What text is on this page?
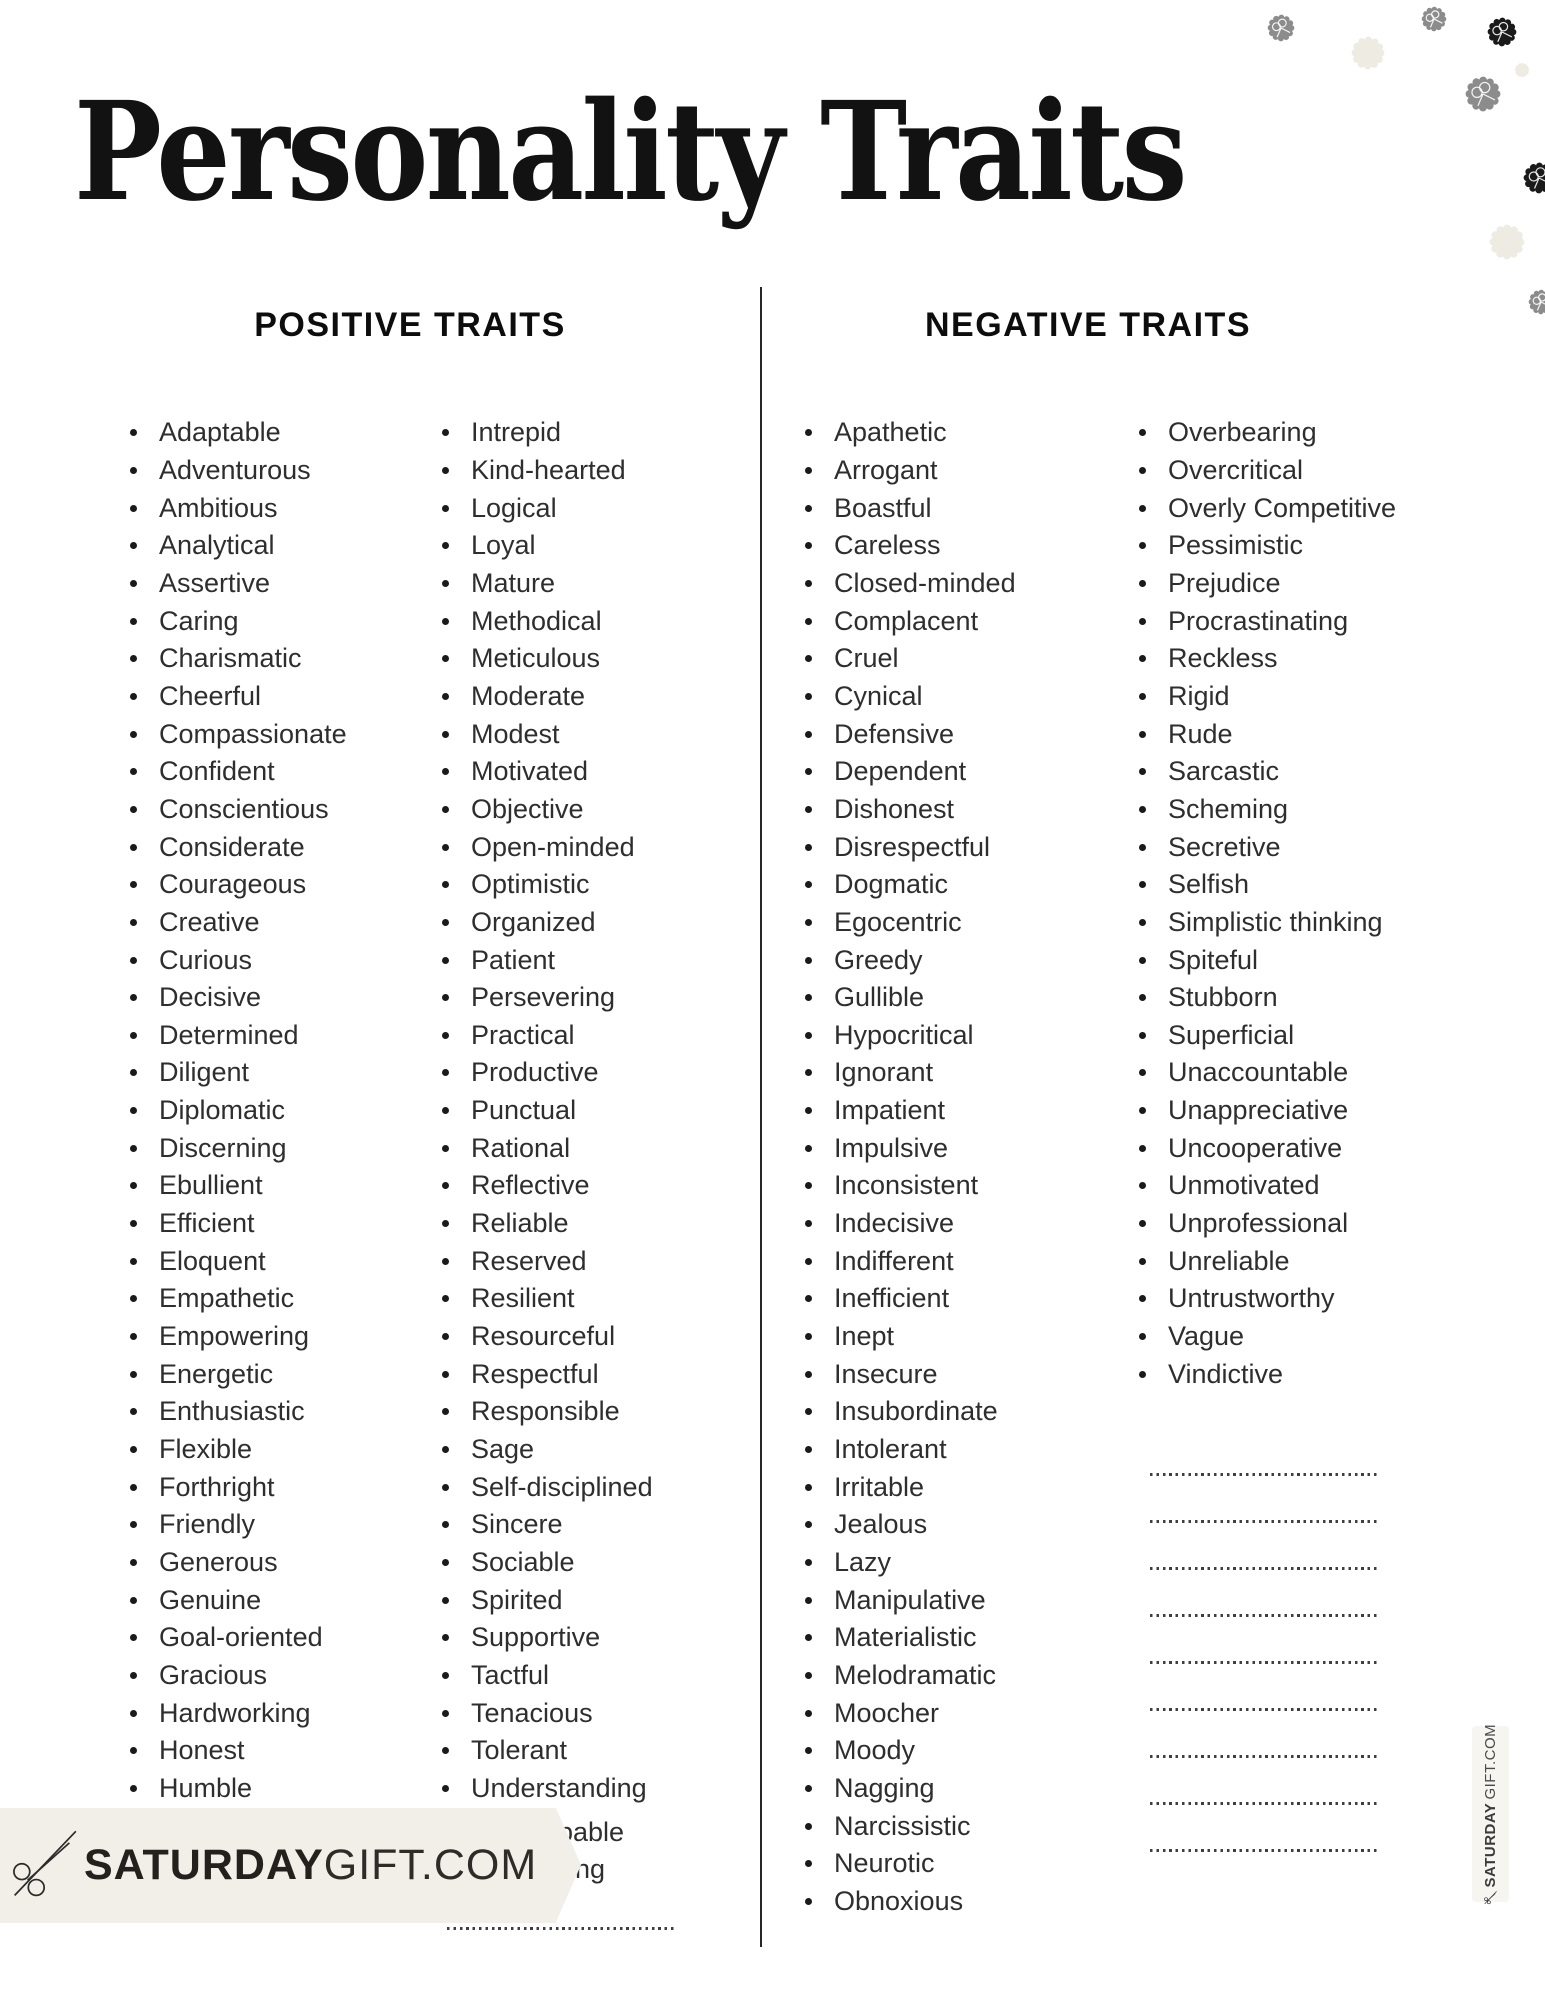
Personality Traits
POSITIVE TRAITS	NEGATIVE TRAITS
Adaptable
Adventurous
Ambitious
Analytical
Assertive
Caring
Charismatic
Cheerful
Compassionate
Confident
Conscientious
Considerate
Courageous
Creative
Curious
Decisive
Determined
Diligent
Diplomatic
Discerning
Ebullient
Efficient
Eloquent
Empathetic
Empowering
Energetic
Enthusiastic
Flexible
Forthright
Friendly
Generous
Genuine
Goal-oriented
Gracious
Hardworking
Honest
Humble
Intrepid
Kind-hearted
Logical
Loyal
Mature
Methodical
Meticulous
Moderate
Modest
Motivated
Objective
Open-minded
Optimistic
Organized
Patient
Persevering
Practical
Productive
Punctual
Rational
Reflective
Reliable
Reserved
Resilient
Resourceful
Respectful
Responsible
Sage
Self-disciplined
Sincere
Sociable
Spirited
Supportive
Tactful
Tenacious
Tolerant
Understanding
Apathetic
Arrogant
Boastful
Careless
Closed-minded
Complacent
Cruel
Cynical
Defensive
Dependent
Dishonest
Disrespectful
Dogmatic
Egocentric
Greedy
Gullible
Hypocritical
Ignorant
Impatient
Impulsive
Inconsistent
Indecisive
Indifferent
Inefficient
Inept
Insecure
Insubordinate
Intolerant
Irritable
Jealous
Lazy
Manipulative
Materialistic
Melodramatic
Moocher
Moody
Nagging
Narcissistic
Neurotic
Obnoxious
Overbearing
Overcritical
Overly Competitive
Pessimistic
Prejudice
Procrastinating
Reckless
Rigid
Rude
Sarcastic
Scheming
Secretive
Selfish
Simplistic thinking
Spiteful
Stubborn
Superficial
Unaccountable
Unappreciative
Uncooperative
Unmotivated
Unprofessional
Unreliable
Untrustworthy
Vague
Vindictive
pable
ing
SATURDAYGIFT.COM	SATURDAY
GIFT.COM
